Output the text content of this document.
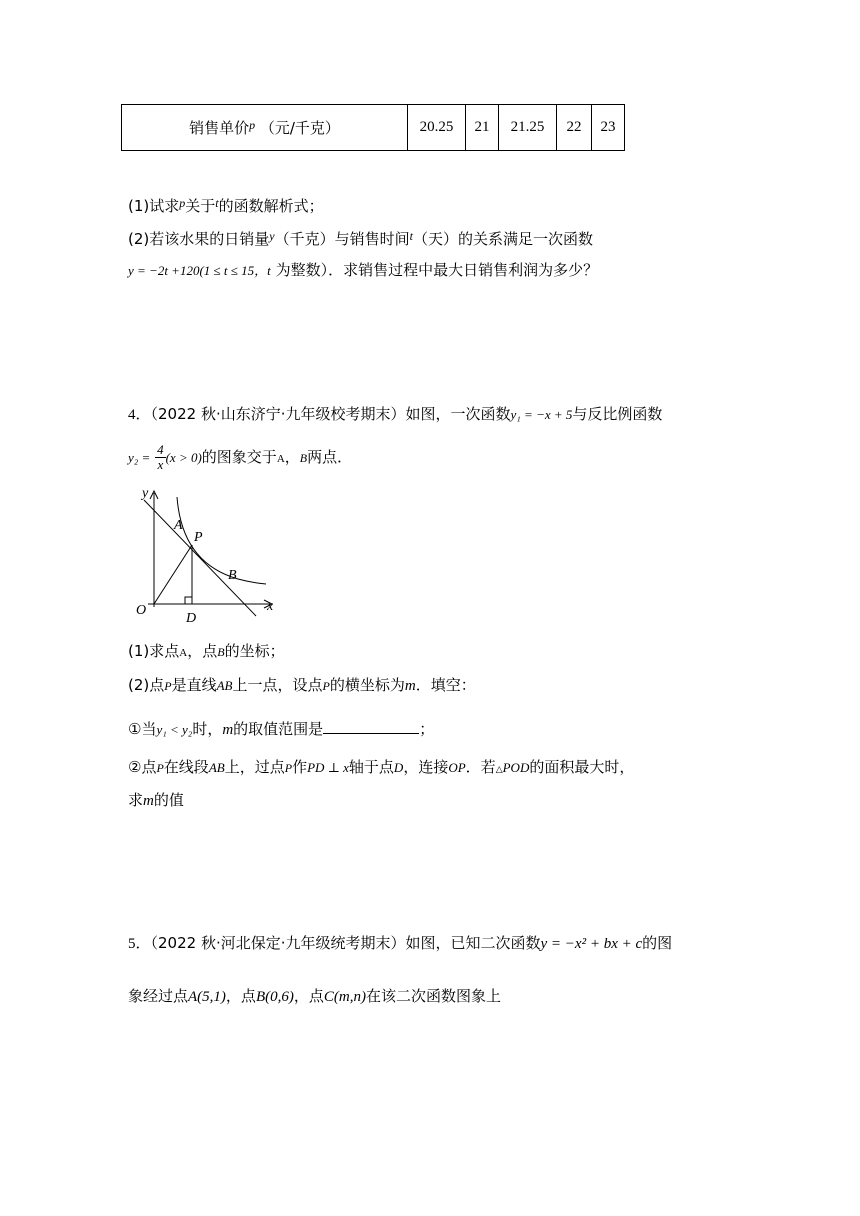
销售单价$^p$ （元/千克）	20.25	21	21.25	22	23
(1)试求$^p$关于$^t$的函数解析式；
(2)若该水果的日销量$^y$（千克）与销售时间$^t$（天）的关系满足一次函数
y = −2t +120(1 ≤ t ≤ 15，t 为整数）．求销售过程中最大日销售利润为多少？
4．（2022 秋·山东济宁·九年级校考期末）如图，一次函数y₁ = −x + 5与反比例函数
$y_2 = \frac{4}{x} (x > 0)$的图象交于A，B两点．
y
x
O
A
P
B
D
(1)求点A，点B的坐标；
(2)点P是直线AB上一点，设点P的横坐标为m．填空：
①当y₁ < y₂时，m的取值范围是	；
②点P在线段AB上，过点P作PD ⊥ x轴于点D，连接OP．若△POD的面积最大时，
求m的值
5．（2022 秋·河北保定·九年级统考期末）如图，已知二次函数y = −x² + bx + c的图
象经过点A(5,1)，点B(0,6)，点C(m,n)在该二次函数图象上
